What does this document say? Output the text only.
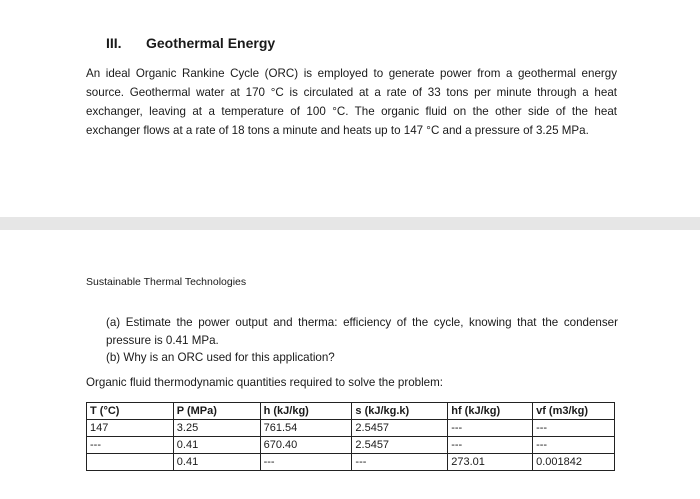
III. Geothermal Energy
An ideal Organic Rankine Cycle (ORC) is employed to generate power from a geothermal energy source. Geothermal water at 170 °C is circulated at a rate of 33 tons per minute through a heat exchanger, leaving at a temperature of 100 °C. The organic fluid on the other side of the heat exchanger flows at a rate of 18 tons a minute and heats up to 147 °C and a pressure of 3.25 MPa.
Sustainable Thermal Technologies
(a) Estimate the power output and therma: efficiency of the cycle, knowing that the condenser pressure is 0.41 MPa.
(b) Why is an ORC used for this application?
Organic fluid thermodynamic quantities required to solve the problem:
T (°C)	P (MPa)	h (kJ/kg)	s (kJ/kg.k)	hf (kJ/kg)	vf (m3/kg)
147	3.25	761.54	2.5457	---	---
---	0.41	670.40	2.5457	---	---
	0.41	---	---	273.01	0.001842
